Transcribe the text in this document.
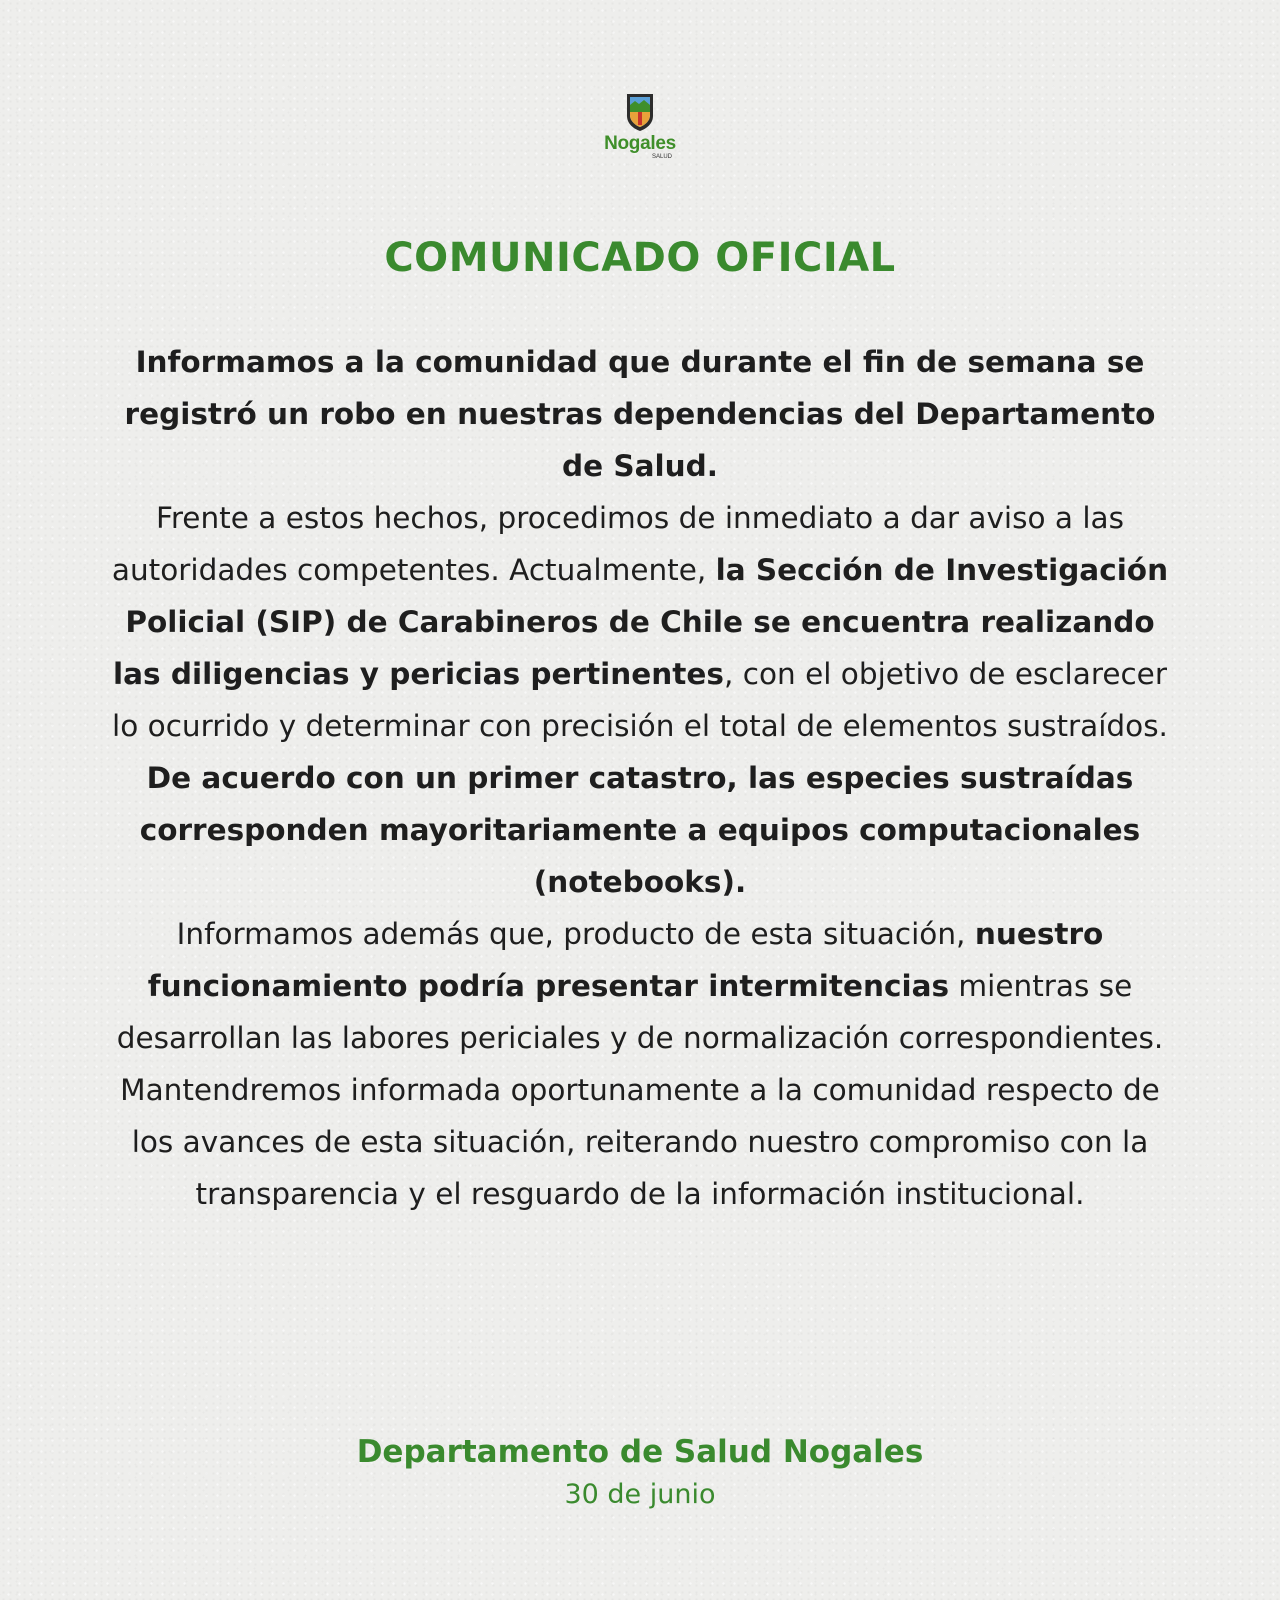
Nogales
SALUD
COMUNICADO OFICIAL

Informamos a la comunidad que durante el fin de semana se registró un robo en nuestras dependencias del Departamento de Salud.

Frente a estos hechos, procedimos de inmediato a dar aviso a las autoridades competentes. Actualmente, la Sección de Investigación Policial (SIP) de Carabineros de Chile se encuentra realizando las diligencias y pericias pertinentes, con el objetivo de esclarecer lo ocurrido y determinar con precisión el total de elementos sustraídos. De acuerdo con un primer catastro, las especies sustraídas corresponden mayoritariamente a equipos computacionales (notebooks).

Informamos además que, producto de esta situación, nuestro funcionamiento podría presentar intermitencias mientras se desarrollan las labores periciales y de normalización correspondientes.

Mantendremos informada oportunamente a la comunidad respecto de los avances de esta situación, reiterando nuestro compromiso con la transparencia y el resguardo de la información institucional.

Departamento de Salud Nogales
30 de junio
